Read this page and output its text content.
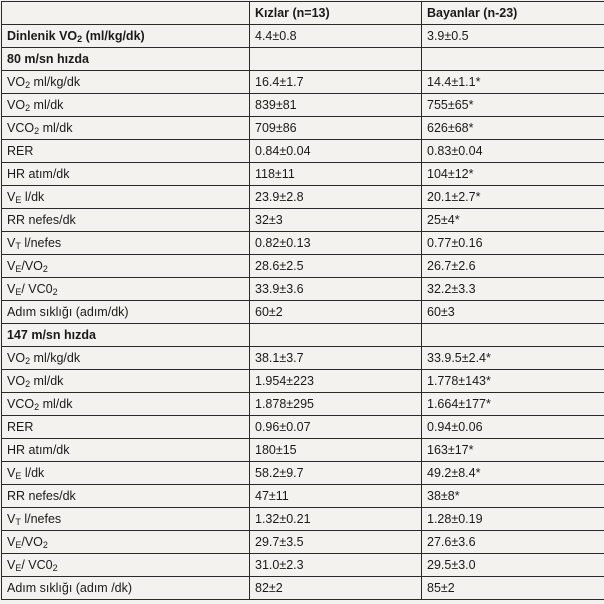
	Kızlar (n=13)	Bayanlar (n-23)
Dinlenik $VO_2$ (ml/kg/dk)	4.4±0.8	3.9±0.5
80 m/sn hızda		
$VO_2$ ml/kg/dk	16.4±1.7	14.4±1.1*
$VO_2$ ml/dk	839±81	755±65*
$VCO_2$ ml/dk	709±86	626±68*
RER	0.84±0.04	0.83±0.04
HR atım/dk	118±11	104±12*
$V_E$ l/dk	23.9±2.8	20.1±2.7*
RR nefes/dk	32±3	25±4*
$V_T$ l/nefes	0.82±0.13	0.77±0.16
$V_E/VO_2$	28.6±2.5	26.7±2.6
$V_E/$ $VC0_2$	33.9±3.6	32.2±3.3
Adım sıklığı (adım/dk)	60±2	60±3
147 m/sn hızda		
$VO_2$ ml/kg/dk	38.1±3.7	33.9.5±2.4*
$VO_2$ ml/dk	1.954±223	1.778±143*
$VCO_2$ ml/dk	1.878±295	1.664±177*
RER	0.96±0.07	0.94±0.06
HR atım/dk	180±15	163±17*
$V_E$ l/dk	58.2±9.7	49.2±8.4*
RR nefes/dk	47±11	38±8*
$V_T$ l/nefes	1.32±0.21	1.28±0.19
$V_E/VO_2$	29.7±3.5	27.6±3.6
$V_E/$ $VC0_2$	31.0±2.3	29.5±3.0
Adım sıklığı (adım /dk)	82±2	85±2
